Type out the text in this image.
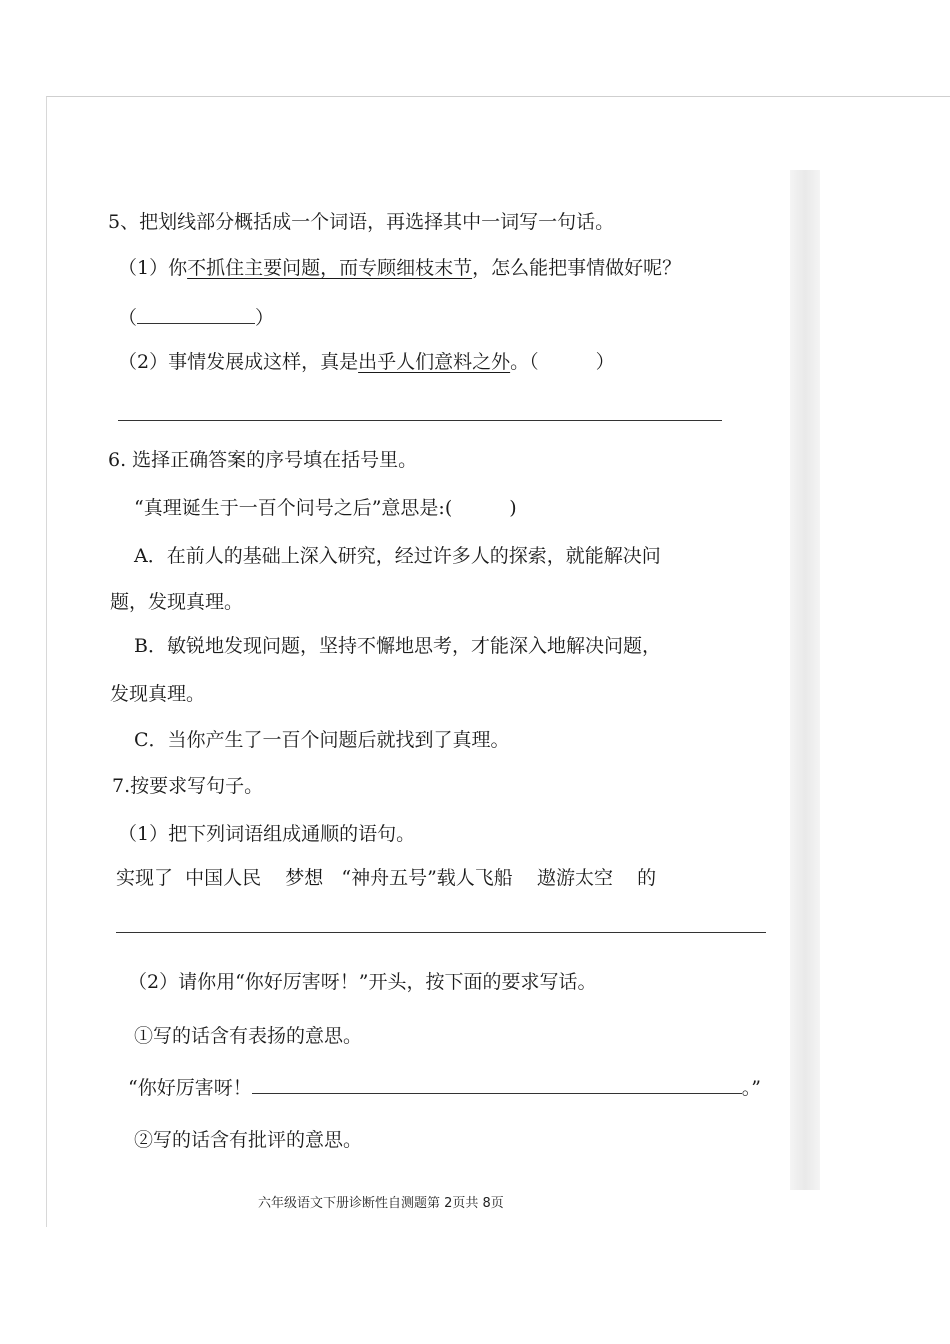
5、把划线部分概括成一个词语，再选择其中一词写一句话。
（1）你不抓住主要问题，而专顾细枝末节，怎么能把事情做好呢？
（	）
（2）事情发展成这样，真是出乎人们意料之外。（　　　）
6. 选择正确答案的序号填在括号里。
“真理诞生于一百个问号之后”意思是:(　　　)
A．在前人的基础上深入研究，经过许多人的探索，就能解决问
题，发现真理。
B．敏锐地发现问题，坚持不懈地思考，才能深入地解决问题，
发现真理。
C．当你产生了一百个问题后就找到了真理。
7.按要求写句子。
（1）把下列词语组成通顺的语句。
实现了  中国人民    梦想   “神舟五号”载人飞船    遨游太空    的
（2）请你用“你好厉害呀！”开头，按下面的要求写话。
①写的话含有表扬的意思。
“你好厉害呀！	。”
②写的话含有批评的意思。
六年级语文下册诊断性自测题第 2页共 8页
